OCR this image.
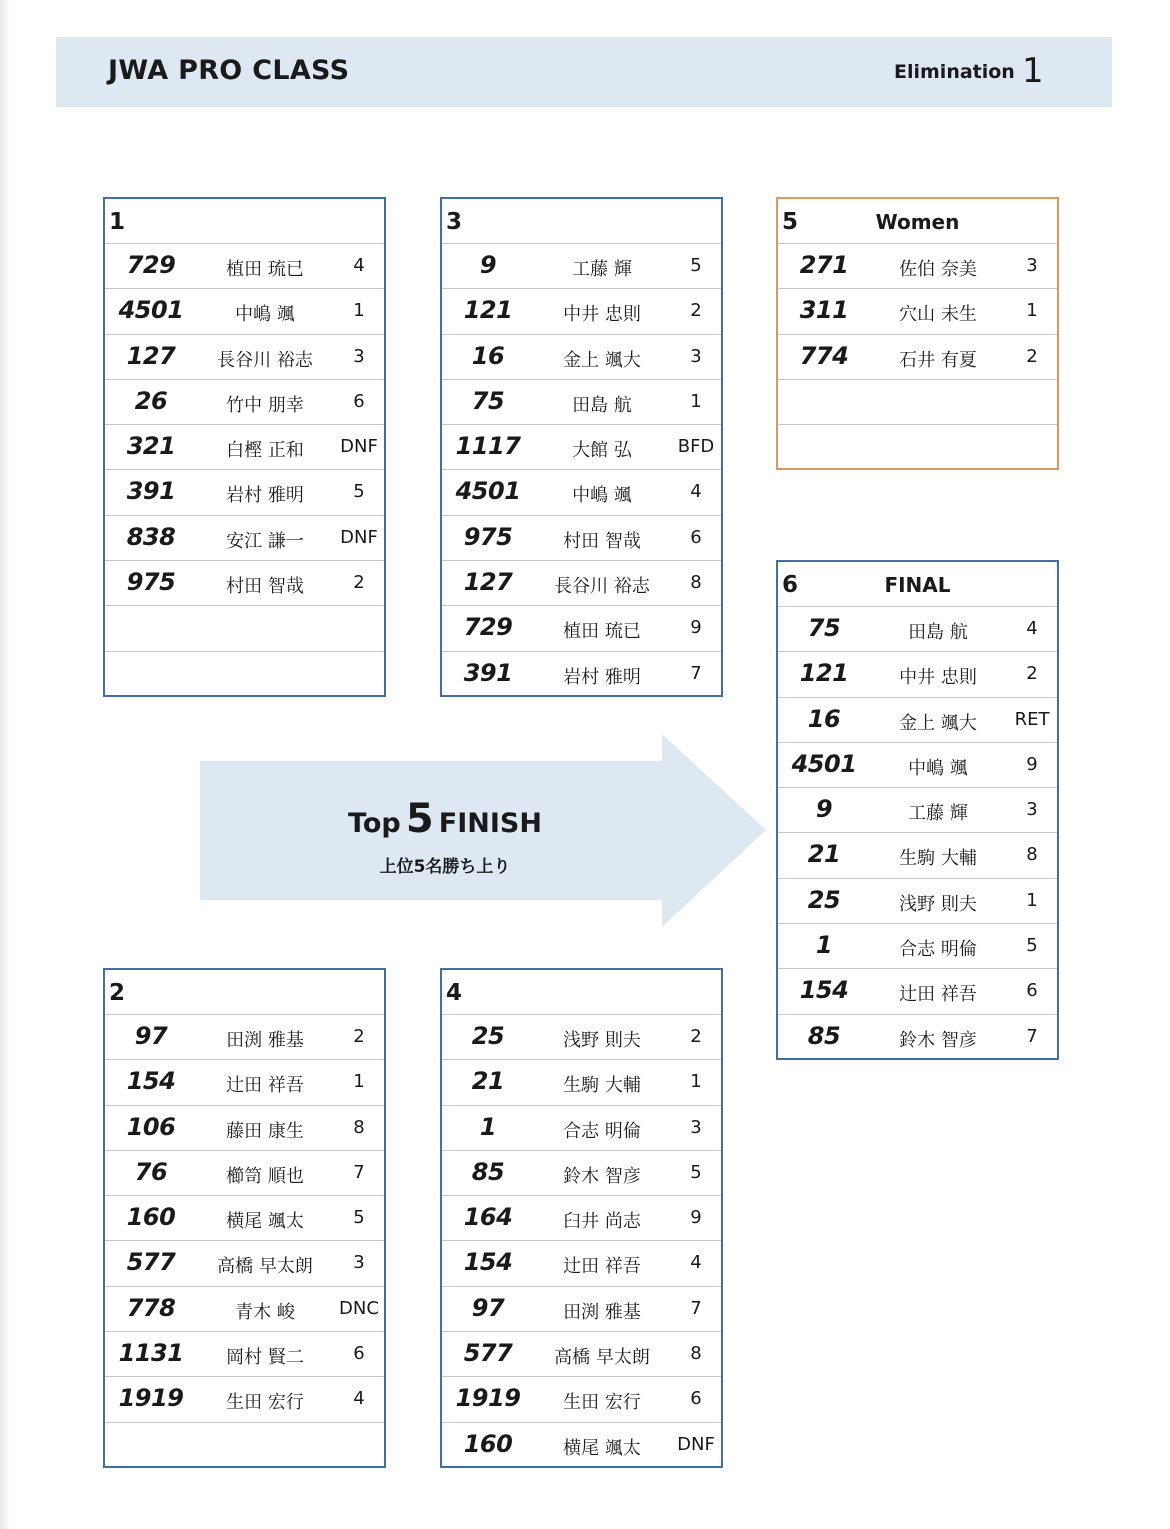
JWA PRO CLASS	Elimination 1
1
729	植田 琉已	4
4501	中嶋 颯	1
127	長谷川 裕志	3
26	竹中 朋幸	6
321	白樫 正和	DNF
391	岩村 雅明	5
838	安江 謙一	DNF
975	村田 智哉	2
3
9	工藤 輝	5
121	中井 忠則	2
16	金上 颯大	3
75	田島 航	1
1117	大館 弘	BFD
4501	中嶋 颯	4
975	村田 智哉	6
127	長谷川 裕志	8
729	植田 琉已	9
391	岩村 雅明	7
5	Women
271	佐伯 奈美	3
311	穴山 未生	1
774	石井 有夏	2
6	FINAL
75	田島 航	4
121	中井 忠則	2
16	金上 颯大	RET
4501	中嶋 颯	9
9	工藤 輝	3
21	生駒 大輔	8
25	浅野 則夫	1
1	合志 明倫	5
154	辻田 祥吾	6
85	鈴木 智彦	7
2
97	田渕 雅基	2
154	辻田 祥吾	1
106	藤田 康生	8
76	櫛笥 順也	7
160	横尾 颯太	5
577	高橋 早太朗	3
778	青木 峻	DNC
1131	岡村 賢二	6
1919	生田 宏行	4
4
25	浅野 則夫	2
21	生駒 大輔	1
1	合志 明倫	3
85	鈴木 智彦	5
164	臼井 尚志	9
154	辻田 祥吾	4
97	田渕 雅基	7
577	高橋 早太朗	8
1919	生田 宏行	6
160	横尾 颯太	DNF
Top 5 FINISH
上位5名勝ち上り
